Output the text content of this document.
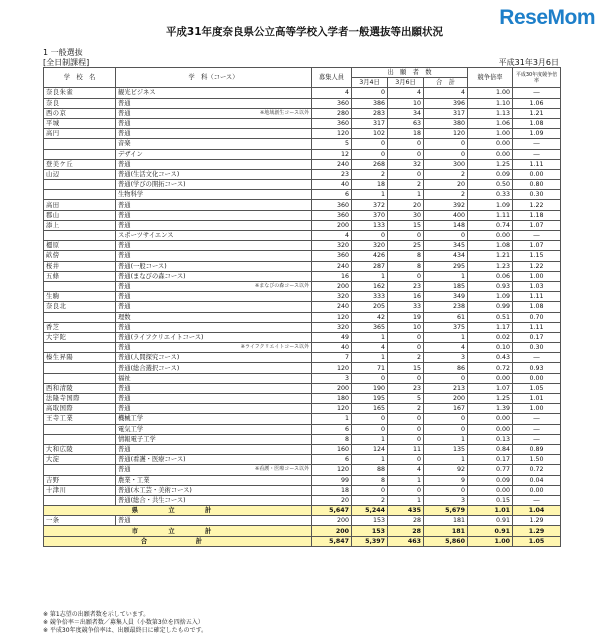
ReseMom
平成31年度奈良県公立高等学校入学者一般選抜等出願状況
1 一般選抜
[全日制課程]	平成31年3月6日
学　校　名	学　科（コース）	募集人員	出　願　者　数			競争倍率	平成30年度競争倍率
			3月4日	3月6日	合　計		
奈良朱雀	観光ビジネス	4	0	4	4	1.00	―
奈良	普通	360	386	10	396	1.10	1.06
西の京	普通 ※地域創生コース以外	280	283	34	317	1.13	1.21
平城	普通	360	317	63	380	1.06	1.08
高円	普通	120	102	18	120	1.00	1.09
	音楽	5	0	0	0	0.00	―
	デザイン	12	0	0	0	0.00	―
登美ケ丘	普通	240	268	32	300	1.25	1.11
山辺	普通(生活文化コース)	23	2	0	2	0.09	0.00
	普通(学びの開拓コース)	40	18	2	20	0.50	0.80
	生物科学	6	1	1	2	0.33	0.30
高田	普通	360	372	20	392	1.09	1.22
郡山	普通	360	370	30	400	1.11	1.18
添上	普通	200	133	15	148	0.74	1.07
	スポーツサイエンス	4	0	0	0	0.00	―
橿原	普通	320	320	25	345	1.08	1.07
畝傍	普通	360	426	8	434	1.21	1.15
桜井	普通(一般コース)	240	287	8	295	1.23	1.22
五條	普通(まなびの森コース)	16	1	0	1	0.06	1.00
	普通 ※まなびの森コース以外	200	162	23	185	0.93	1.03
生駒	普通	320	333	16	349	1.09	1.11
奈良北	普通	240	205	33	238	0.99	1.08
	理数	120	42	19	61	0.51	0.70
香芝	普通	320	365	10	375	1.17	1.11
大宇陀	普通(ライフクリエイトコース)	49	1	0	1	0.02	0.17
	普通 ※ライフクリエイトコース以外	40	4	0	4	0.10	0.30
榛生昇陽	普通(人間探究コース)	7	1	2	3	0.43	―
	普通(総合選択コース)	120	71	15	86	0.72	0.93
	福祉	3	0	0	0	0.00	0.00
西和清陵	普通	200	190	23	213	1.07	1.05
法隆寺国際	普通	180	195	5	200	1.25	1.01
高取国際	普通	120	165	2	167	1.39	1.00
王寺工業	機械工学	1	0	0	0	0.00	―
	電気工学	6	0	0	0	0.00	―
	情報電子工学	8	1	0	1	0.13	―
大和広陵	普通	160	124	11	135	0.84	0.89
大淀	普通(看護・医療コース)	6	1	0	1	0.17	1.50
	普通 ※看護・医療コース以外	120	88	4	92	0.77	0.72
吉野	農業・工業	99	8	1	9	0.09	0.04
十津川	普通(木工芸・美術コース)	18	0	0	0	0.00	0.00
	普通(総合・共生コース)	20	2	1	3	0.15	―
県　立　計		5,647	5,244	435	5,679	1.01	1.04
一条	普通	200	153	28	181	0.91	1.29
市　立　計		200	153	28	181	0.91	1.29
合　　計		5,847	5,397	463	5,860	1.00	1.05
※ 第1志望の出願者数を示しています。
※ 競争倍率＝出願者数／募集人員（小数第3位を四捨五入）
※ 平成30年度競争倍率は、出願最終日に確定したものです。
